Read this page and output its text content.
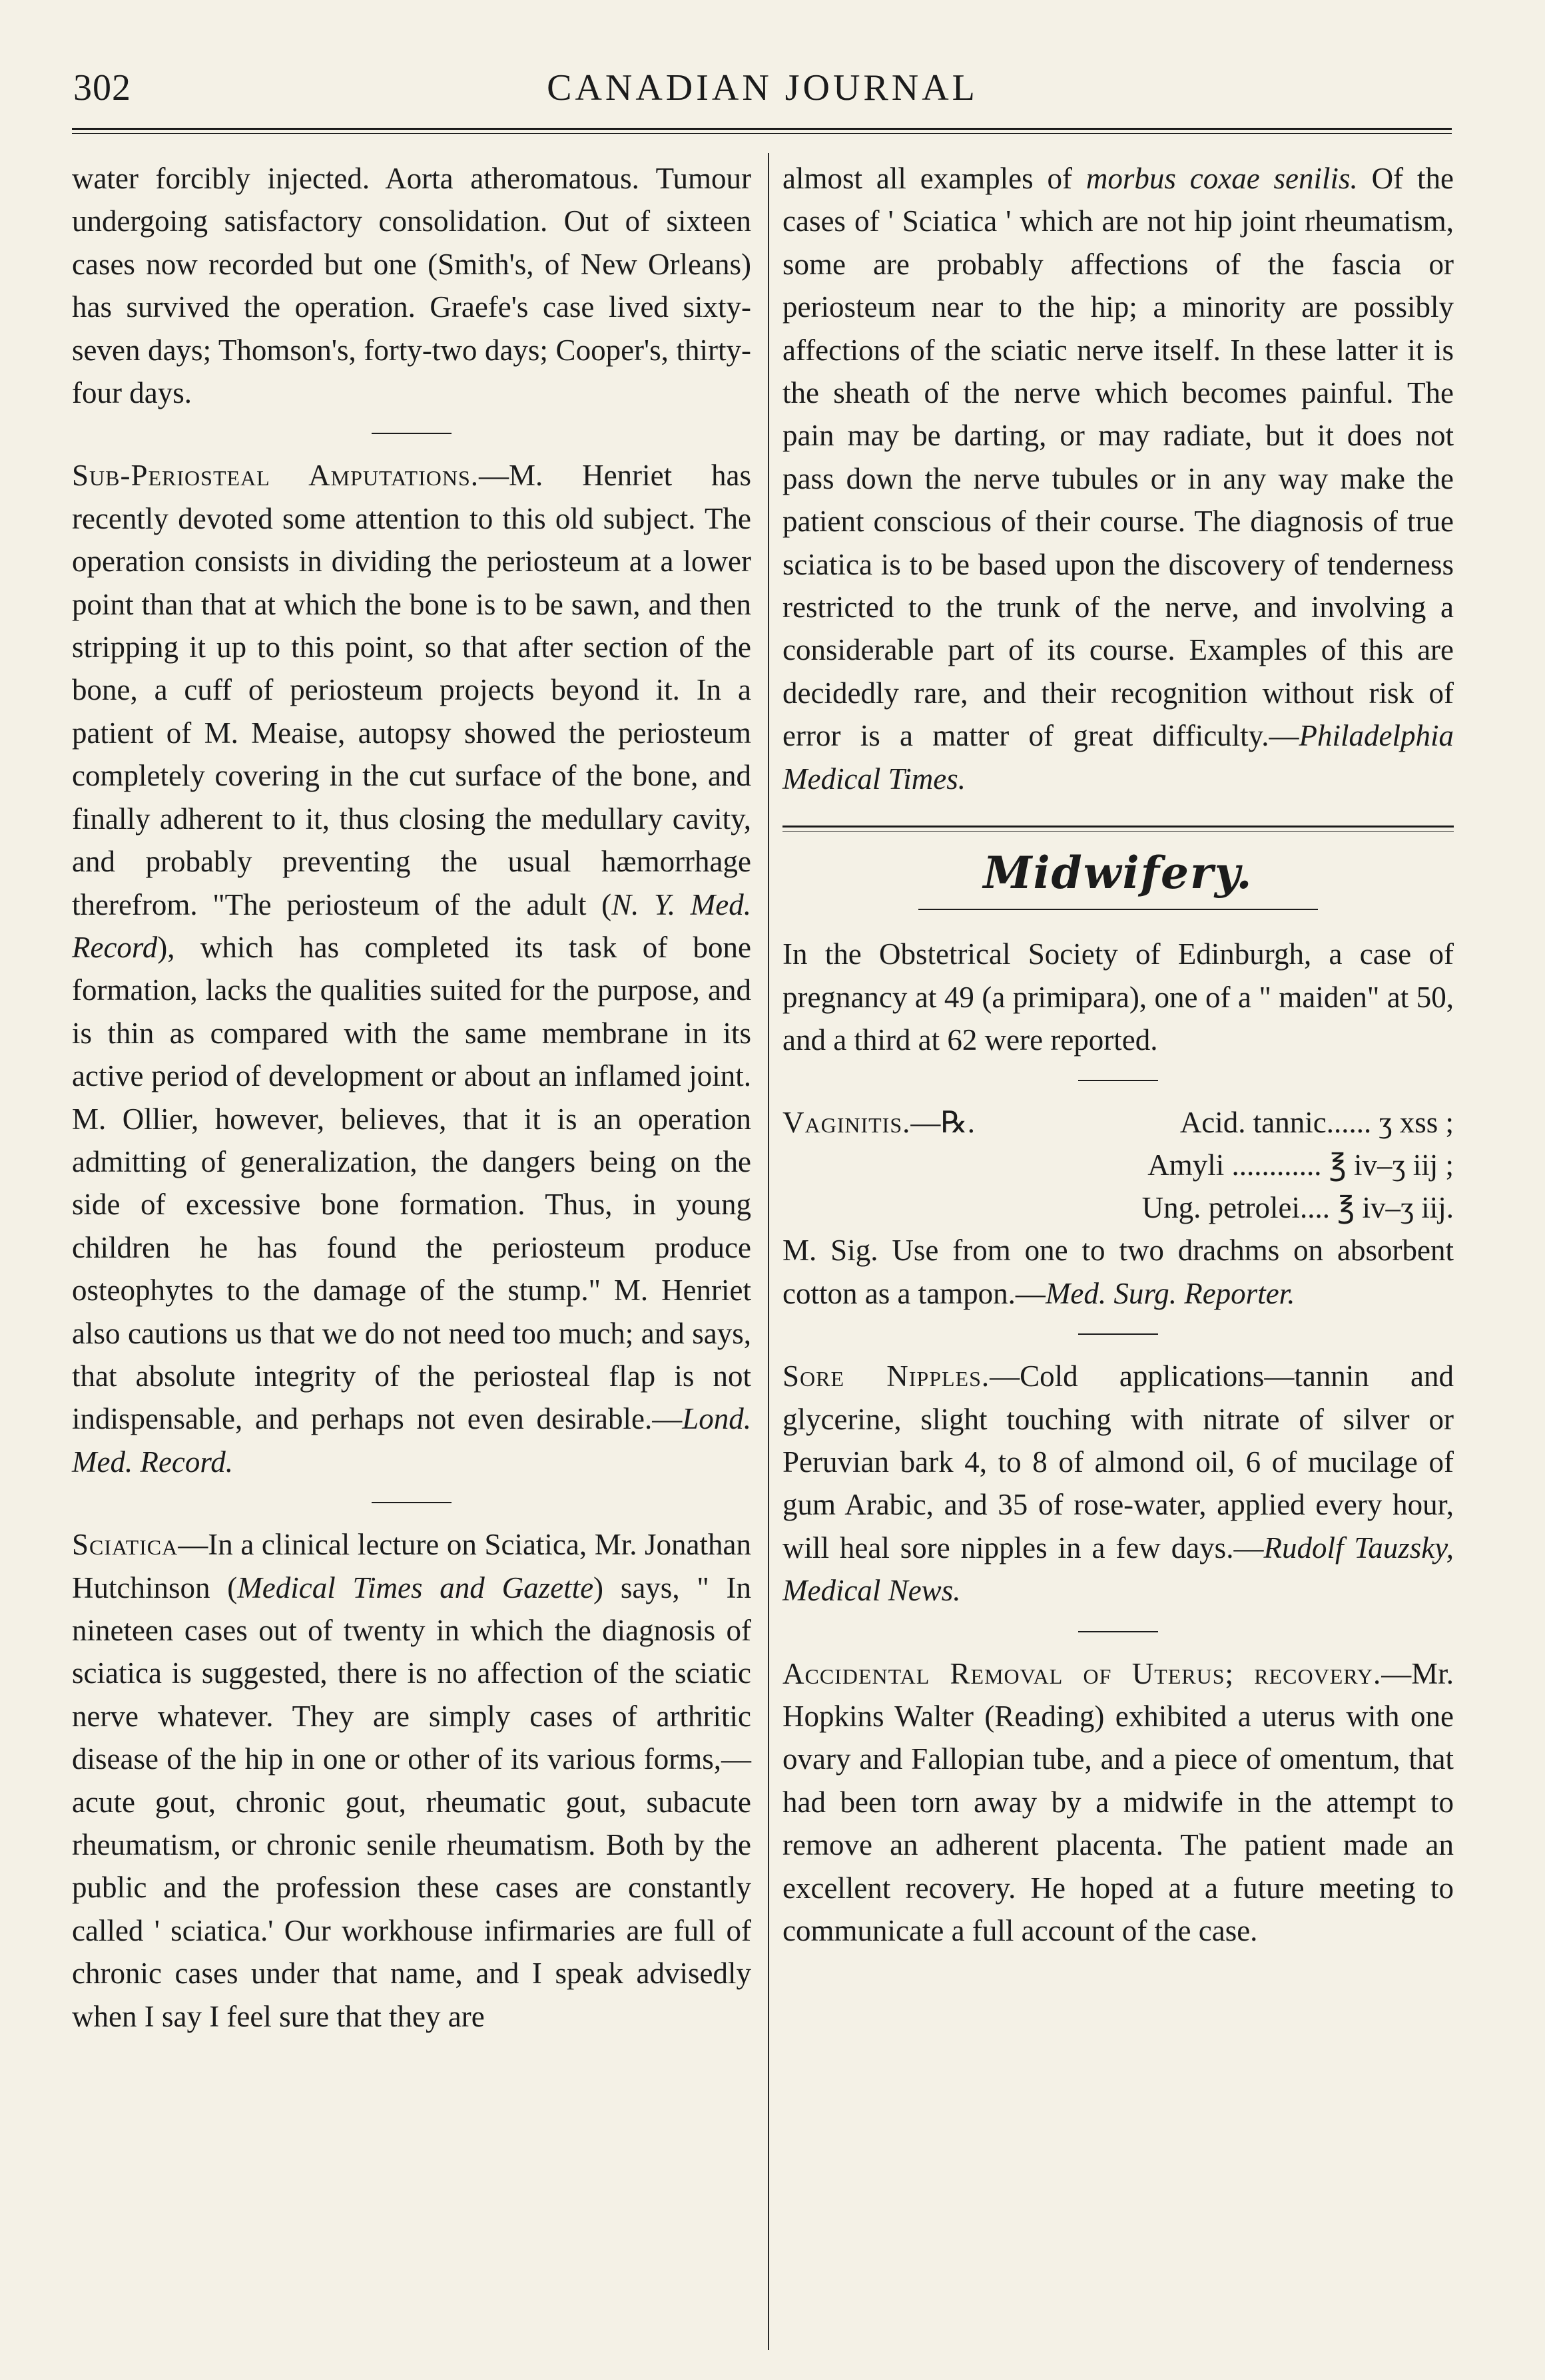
302	CANADIAN JOURNAL

water forcibly injected. Aorta atheromatous. Tumour undergoing satisfactory consolidation. Out of sixteen cases now recorded but one (Smith's, of New Orleans) has survived the operation. Graefe's case lived sixty-seven days; Thomson's, forty-two days; Cooper's, thirty-four days.

Sub-Periosteal Amputations.—M. Henriet has recently devoted some attention to this old subject. The operation consists in dividing the periosteum at a lower point than that at which the bone is to be sawn, and then stripping it up to this point, so that after section of the bone, a cuff of periosteum projects beyond it. In a patient of M. Meaise, autopsy showed the periosteum completely covering in the cut surface of the bone, and finally adherent to it, thus closing the medullary cavity, and probably preventing the usual hæmorrhage therefrom. "The periosteum of the adult (N. Y. Med. Record), which has completed its task of bone formation, lacks the qualities suited for the purpose, and is thin as compared with the same membrane in its active period of development or about an inflamed joint. M. Ollier, however, believes, that it is an operation admitting of generalization, the dangers being on the side of excessive bone formation. Thus, in young children he has found the periosteum produce osteophytes to the damage of the stump." M. Henriet also cautions us that we do not need too much; and says, that absolute integrity of the periosteal flap is not indispensable, and perhaps not even desirable.—Lond. Med. Record.

Sciatica—In a clinical lecture on Sciatica, Mr. Jonathan Hutchinson (Medical Times and Gazette) says, " In nineteen cases out of twenty in which the diagnosis of sciatica is suggested, there is no affection of the sciatic nerve whatever. They are simply cases of arthritic disease of the hip in one or other of its various forms,—acute gout, chronic gout, rheumatic gout, subacute rheumatism, or chronic senile rheumatism. Both by the public and the profession these cases are constantly called ' sciatica.' Our workhouse infirmaries are full of chronic cases under that name, and I speak advisedly when I say I feel sure that they are

almost all examples of morbus coxae senilis. Of the cases of ' Sciatica ' which are not hip joint rheumatism, some are probably affections of the fascia or periosteum near to the hip; a minority are possibly affections of the sciatic nerve itself. In these latter it is the sheath of the nerve which becomes painful. The pain may be darting, or may radiate, but it does not pass down the nerve tubules or in any way make the patient conscious of their course. The diagnosis of true sciatica is to be based upon the discovery of tenderness restricted to the trunk of the nerve, and involving a considerable part of its course. Examples of this are decidedly rare, and their recognition without risk of error is a matter of great difficulty.—Philadelphia Medical Times.

Midwifery.

In the Obstetrical Society of Edinburgh, a case of pregnancy at 49 (a primipara), one of a " maiden" at 50, and a third at 62 were reported.

Vaginitis.—℞.	Acid. tannic...... ʒ xss ;
Amyli ............ ℥ iv–ʒ iij ;
Ung. petrolei.... ℥ iv–ʒ iij.

M. Sig. Use from one to two drachms on absorbent cotton as a tampon.—Med. Surg. Reporter.

Sore Nipples.—Cold applications—tannin and glycerine, slight touching with nitrate of silver or Peruvian bark 4, to 8 of almond oil, 6 of mucilage of gum Arabic, and 35 of rose-water, applied every hour, will heal sore nipples in a few days.—Rudolf Tauzsky, Medical News.

Accidental Removal of Uterus; recovery.—Mr. Hopkins Walter (Reading) exhibited a uterus with one ovary and Fallopian tube, and a piece of omentum, that had been torn away by a midwife in the attempt to remove an adherent placenta. The patient made an excellent recovery. He hoped at a future meeting to communicate a full account of the case.
